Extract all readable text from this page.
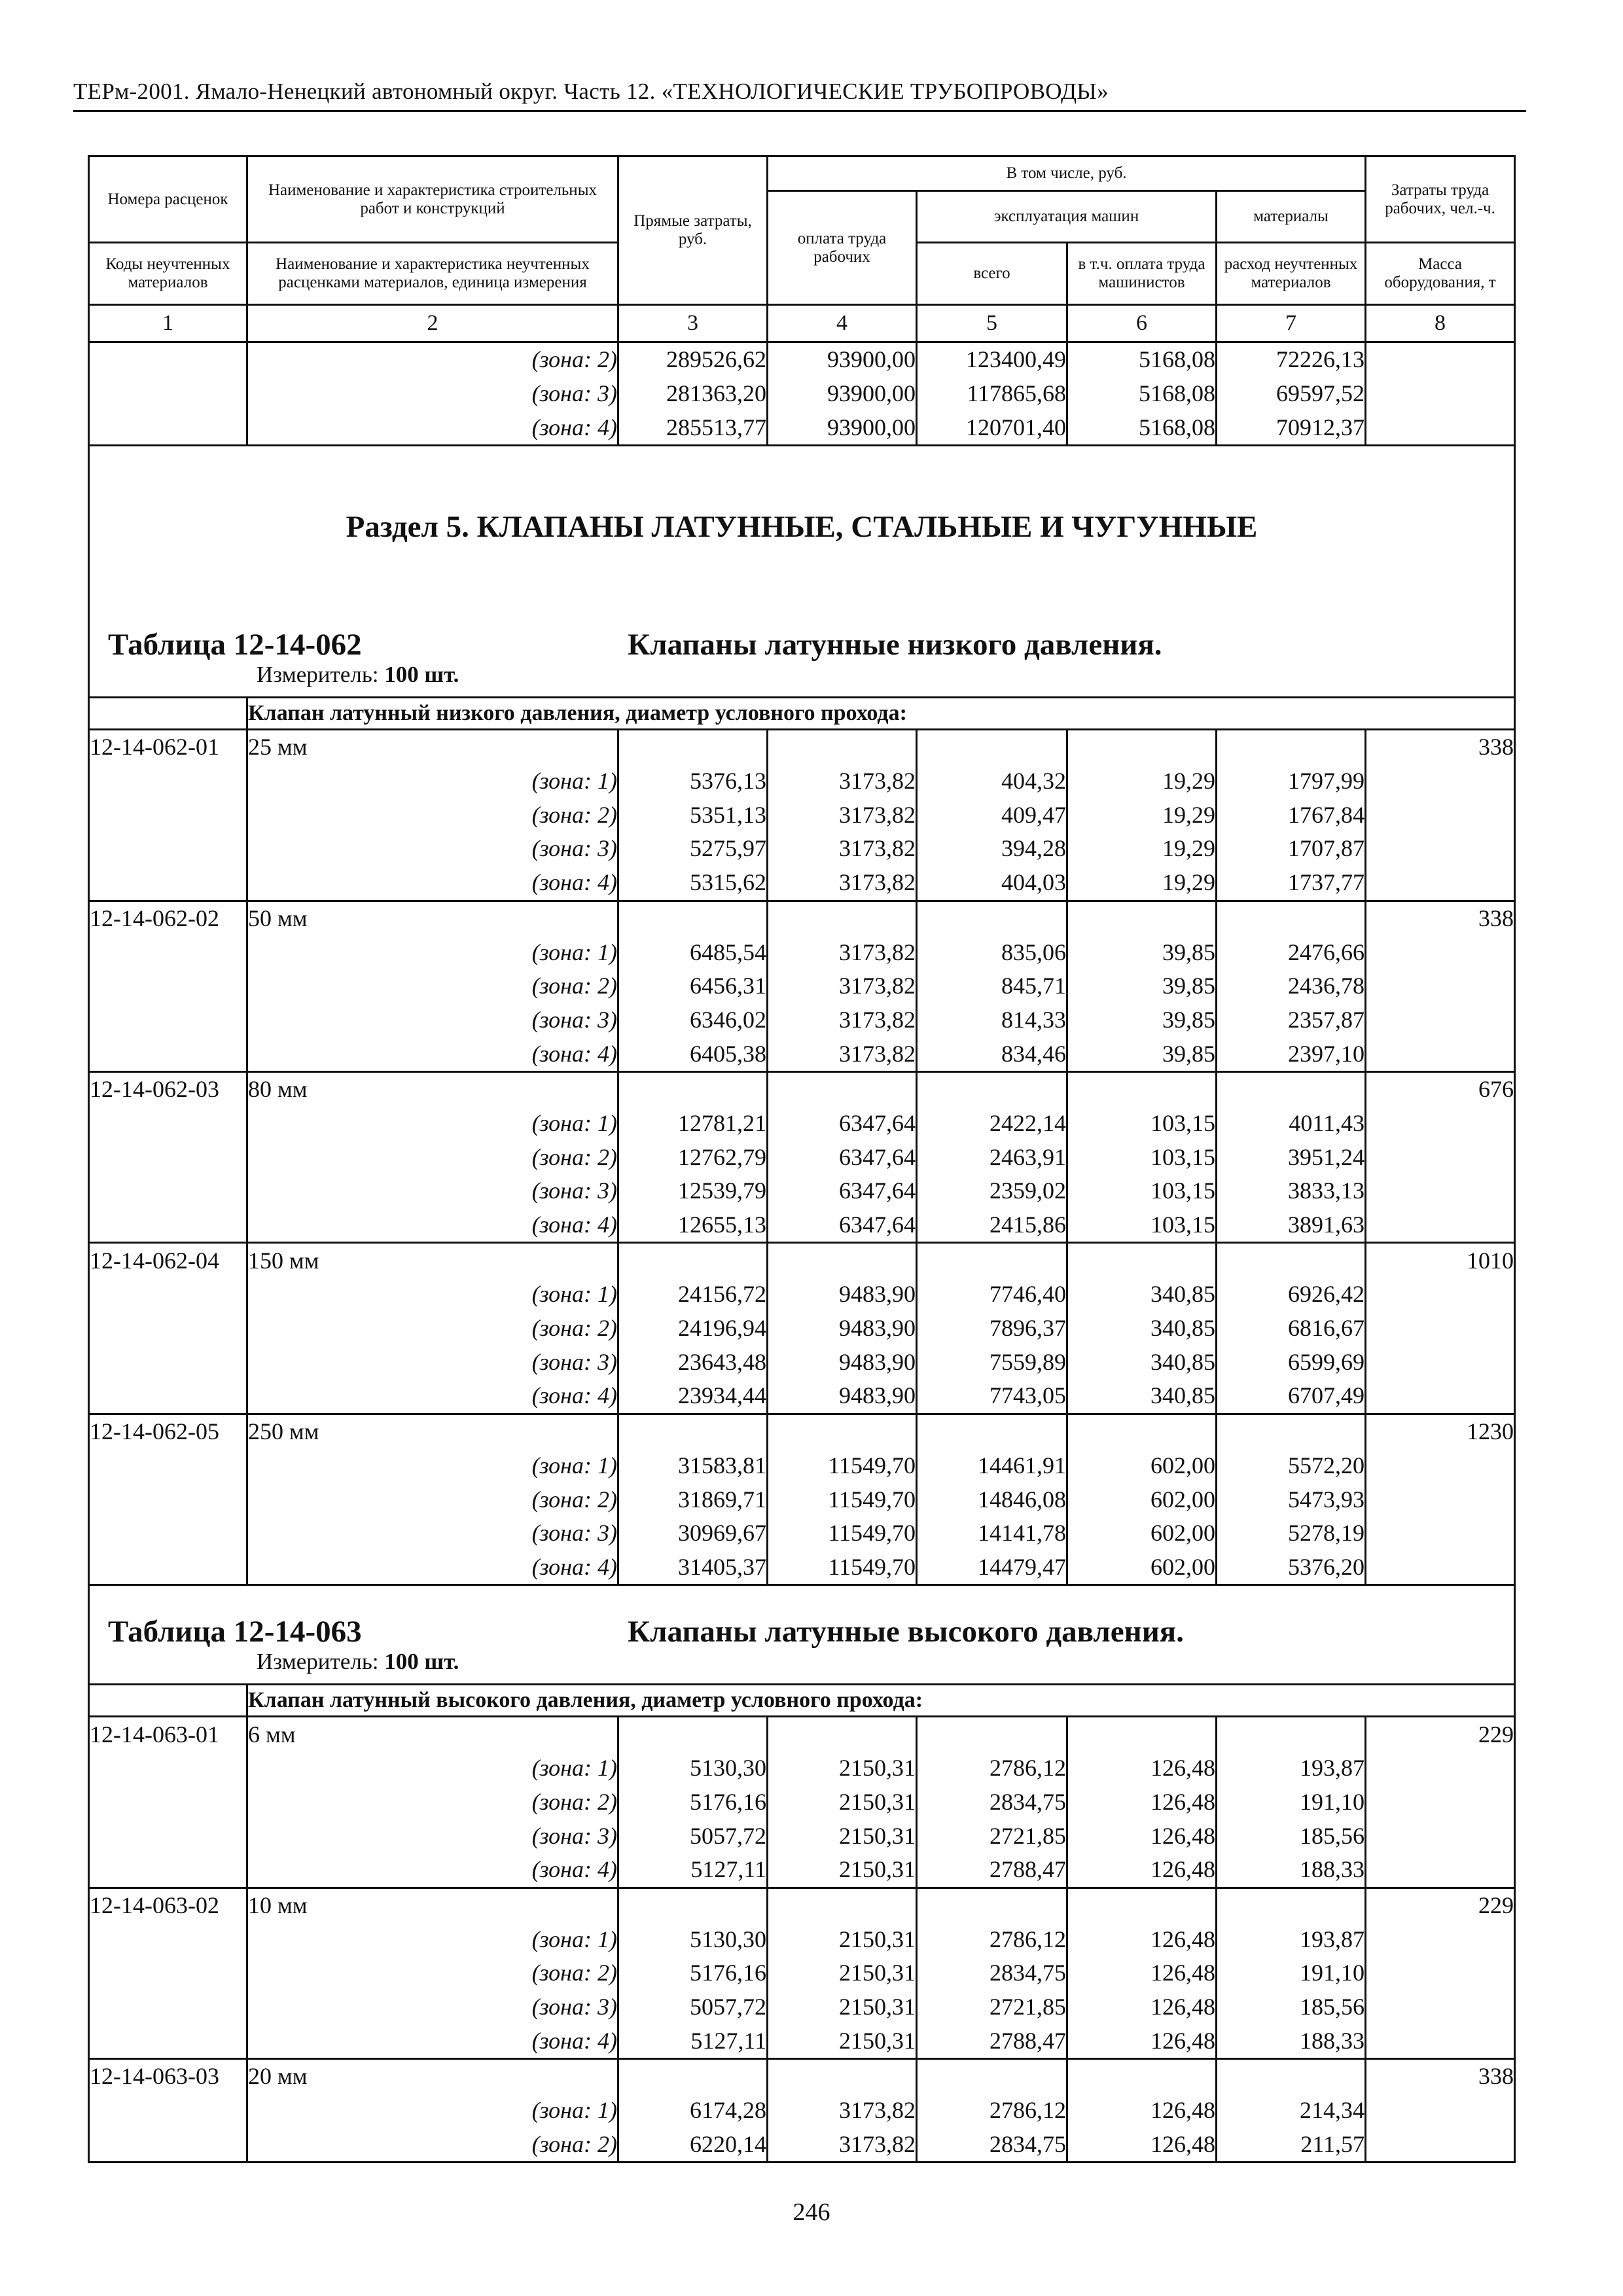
ТЕРм-2001. Ямало-Ненецкий автономный округ. Часть 12. «ТЕХНОЛОГИЧЕСКИЕ ТРУБОПРОВОДЫ»
Номера расценок	Наименование и характеристика строительных работ и конструкций	Прямые затраты, руб.	В том числе, руб.				Затраты труда рабочих, чел.-ч.
			оплата труда рабочих	эксплуатация машин		материалы	
Коды неучтенных материалов	Наименование и характеристика неучтенных расценками материалов, единица измерения			всего	в т.ч. оплата труда машинистов	расход неучтенных материалов	Масса оборудования, т
1	2	3	4	5	6	7	8
	(зона: 2)	289526,62	93900,00	123400,49	5168,08	72226,13	
	(зона: 3)	281363,20	93900,00	117865,68	5168,08	69597,52	
	(зона: 4)	285513,77	93900,00	120701,40	5168,08	70912,37	

Раздел 5. КЛАПАНЫ ЛАТУННЫЕ, СТАЛЬНЫЕ И ЧУГУННЫЕ
Таблица 12-14-062 Клапаны латунные низкого давления.
Измеритель: 100 шт.							

	Клапан латунный низкого давления, диаметр условного прохода:						
12-14-062-01	25 мм						338
	(зона: 1)	5376,13	3173,82	404,32	19,29	1797,99	
	(зона: 2)	5351,13	3173,82	409,47	19,29	1767,84	
	(зона: 3)	5275,97	3173,82	394,28	19,29	1707,87	
	(зона: 4)	5315,62	3173,82	404,03	19,29	1737,77	
12-14-062-02	50 мм						338
	(зона: 1)	6485,54	3173,82	835,06	39,85	2476,66	
	(зона: 2)	6456,31	3173,82	845,71	39,85	2436,78	
	(зона: 3)	6346,02	3173,82	814,33	39,85	2357,87	
	(зона: 4)	6405,38	3173,82	834,46	39,85	2397,10	
12-14-062-03	80 мм						676
	(зона: 1)	12781,21	6347,64	2422,14	103,15	4011,43	
	(зона: 2)	12762,79	6347,64	2463,91	103,15	3951,24	
	(зона: 3)	12539,79	6347,64	2359,02	103,15	3833,13	
	(зона: 4)	12655,13	6347,64	2415,86	103,15	3891,63	
12-14-062-04	150 мм						1010
	(зона: 1)	24156,72	9483,90	7746,40	340,85	6926,42	
	(зона: 2)	24196,94	9483,90	7896,37	340,85	6816,67	
	(зона: 3)	23643,48	9483,90	7559,89	340,85	6599,69	
	(зона: 4)	23934,44	9483,90	7743,05	340,85	6707,49	
12-14-062-05	250 мм						1230
	(зона: 1)	31583,81	11549,70	14461,91	602,00	5572,20	
	(зона: 2)	31869,71	11549,70	14846,08	602,00	5473,93	
	(зона: 3)	30969,67	11549,70	14141,78	602,00	5278,19	
	(зона: 4)	31405,37	11549,70	14479,47	602,00	5376,20	

Таблица 12-14-063 Клапаны латунные высокого давления.
Измеритель: 100 шт.							

	Клапан латунный высокого давления, диаметр условного прохода:						
12-14-063-01	6 мм						229
	(зона: 1)	5130,30	2150,31	2786,12	126,48	193,87	
	(зона: 2)	5176,16	2150,31	2834,75	126,48	191,10	
	(зона: 3)	5057,72	2150,31	2721,85	126,48	185,56	
	(зона: 4)	5127,11	2150,31	2788,47	126,48	188,33	
12-14-063-02	10 мм						229
	(зона: 1)	5130,30	2150,31	2786,12	126,48	193,87	
	(зона: 2)	5176,16	2150,31	2834,75	126,48	191,10	
	(зона: 3)	5057,72	2150,31	2721,85	126,48	185,56	
	(зона: 4)	5127,11	2150,31	2788,47	126,48	188,33	
12-14-063-03	20 мм						338
	(зона: 1)	6174,28	3173,82	2786,12	126,48	214,34	
	(зона: 2)	6220,14	3173,82	2834,75	126,48	211,57	
246
